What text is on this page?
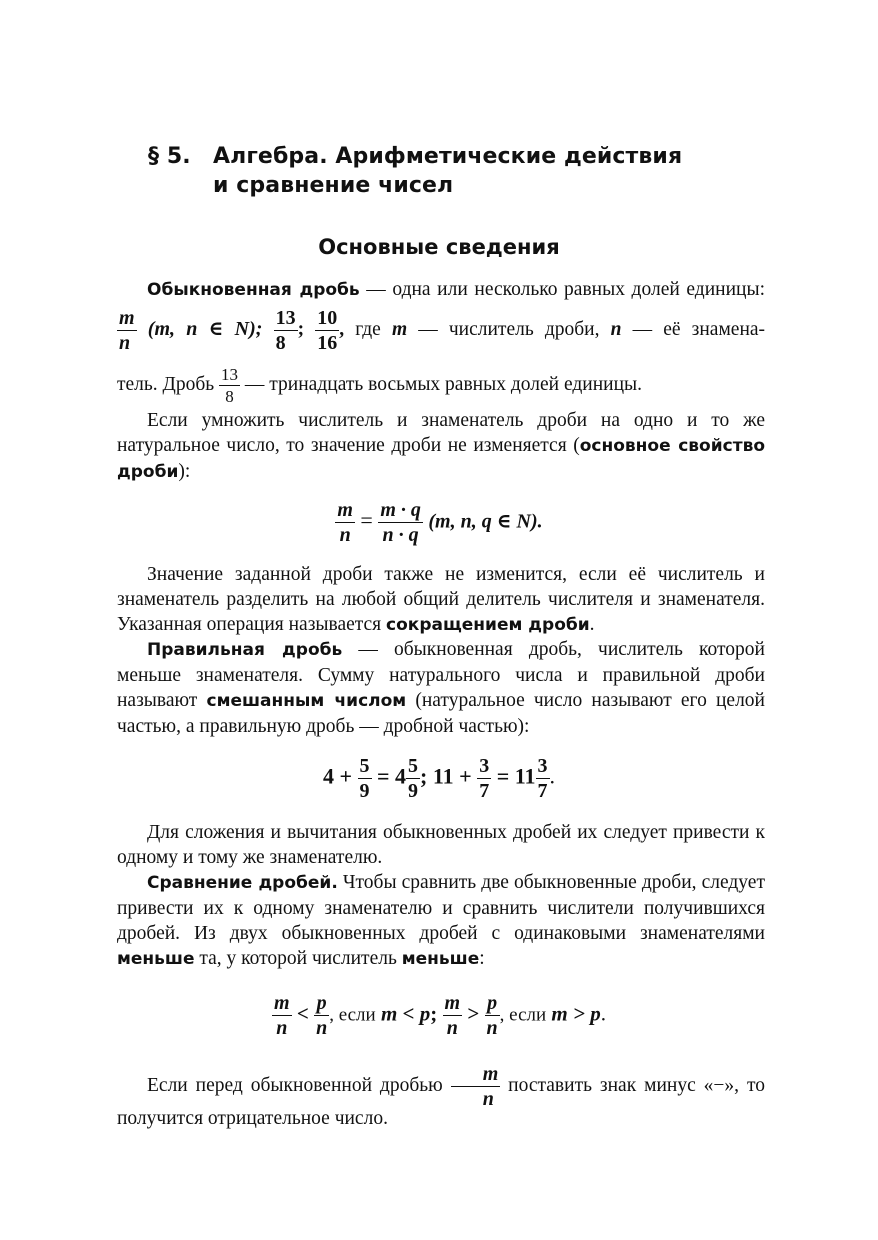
§ 5. Алгебра. Арифметические действия
и сравнение чисел
Основные сведения
Обыкновенная дробь — одна или несколько равных долей единицы:
$\frac{m}{n} (m$, n ∈ N); $\frac{13}{8}$ ; $\frac{10}{16}$ , где m — числитель дроби, n — её знамена-
тель. Дробь $\frac{13}{8}$ — тринадцать восьмых равных долей единицы.
Если умножить числитель и знаменатель дроби на одно и то же натуральное число, то значение дроби не изменяется (основное свойство дроби):
$\frac{m}{n} = \frac{m \cdot q}{n \cdot q} (m$, n, q ∈ N).
Значение заданной дроби также не изменится, если её числитель и знаменатель разделить на любой общий делитель числителя и знаменателя. Указанная операция называется сокращением дроби.
Правильная дробь — обыкновенная дробь, числитель которой меньше знаменателя. Сумму натурального числа и правильной дроби называют смешанным числом (натуральное число называют его целой частью, а правильную дробь — дробной частью):
$4 + \frac{5}{9} = 4 \frac{5}{9}$ ; $11 + \frac{3}{7} = 11 \frac{3}{7}$ .
Для сложения и вычитания обыкновенных дробей их следует привести к одному и тому же знаменателю.
Сравнение дробей. Чтобы сравнить две обыкновенные дроби, следует привести их к одному знаменателю и сравнить числители получившихся дробей. Из двух обыкновенных дробей с одинаковыми знаменателями меньше та, у которой числитель меньше:
$\frac{m}{n} < \frac{p}{n}$ , если m < p; $\frac{m}{n} > \frac{p}{n}$ , если m > p.
Если перед обыкновенной дробью $\frac{m}{n}$ поставить знак минус «−», то
получится отрицательное число.
